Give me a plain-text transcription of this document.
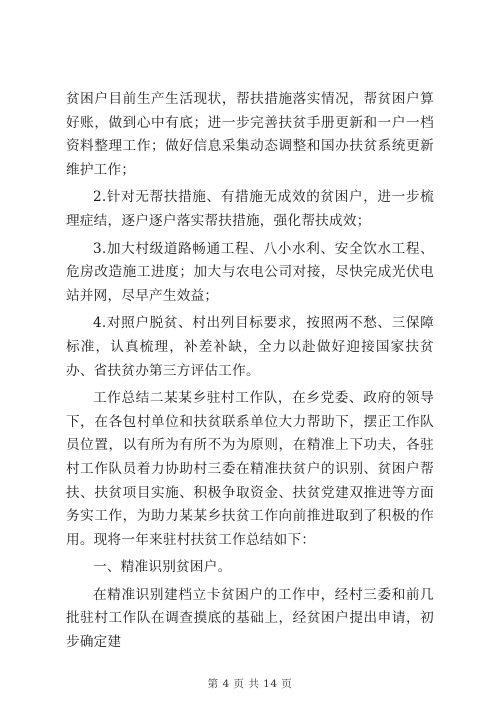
贫困户目前生产生活现状，帮扶措施落实情况，帮贫困户算好账，做到心中有底；进一步完善扶贫手册更新和一户一档资料整理工作；做好信息采集动态调整和国办扶贫系统更新维护工作；

2.针对无帮扶措施、有措施无成效的贫困户，进一步梳理症结，逐户逐户落实帮扶措施，强化帮扶成效；

3.加大村级道路畅通工程、八小水利、安全饮水工程、危房改造施工进度；加大与农电公司对接，尽快完成光伏电站并网，尽早产生效益；

4.对照户脱贫、村出列目标要求，按照两不愁、三保障标准，认真梳理，补差补缺，全力以赴做好迎接国家扶贫办、省扶贫办第三方评估工作。

工作总结二某某乡驻村工作队，在乡党委、政府的领导下，在各包村单位和扶贫联系单位大力帮助下，摆正工作队员位置，以有所为有所不为为原则，在精准上下功夫，各驻村工作队员着力协助村三委在精准扶贫户的识别、贫困户帮扶、扶贫项目实施、积极争取资金、扶贫党建双推进等方面务实工作，为助力某某乡扶贫工作向前推进取到了积极的作用。现将一年来驻村扶贫工作总结如下：

一、精准识别贫困户。

在精准识别建档立卡贫困户的工作中，经村三委和前几批驻村工作队在调查摸底的基础上，经贫困户提出申请，初步确定建

第 4 页 共 14 页
